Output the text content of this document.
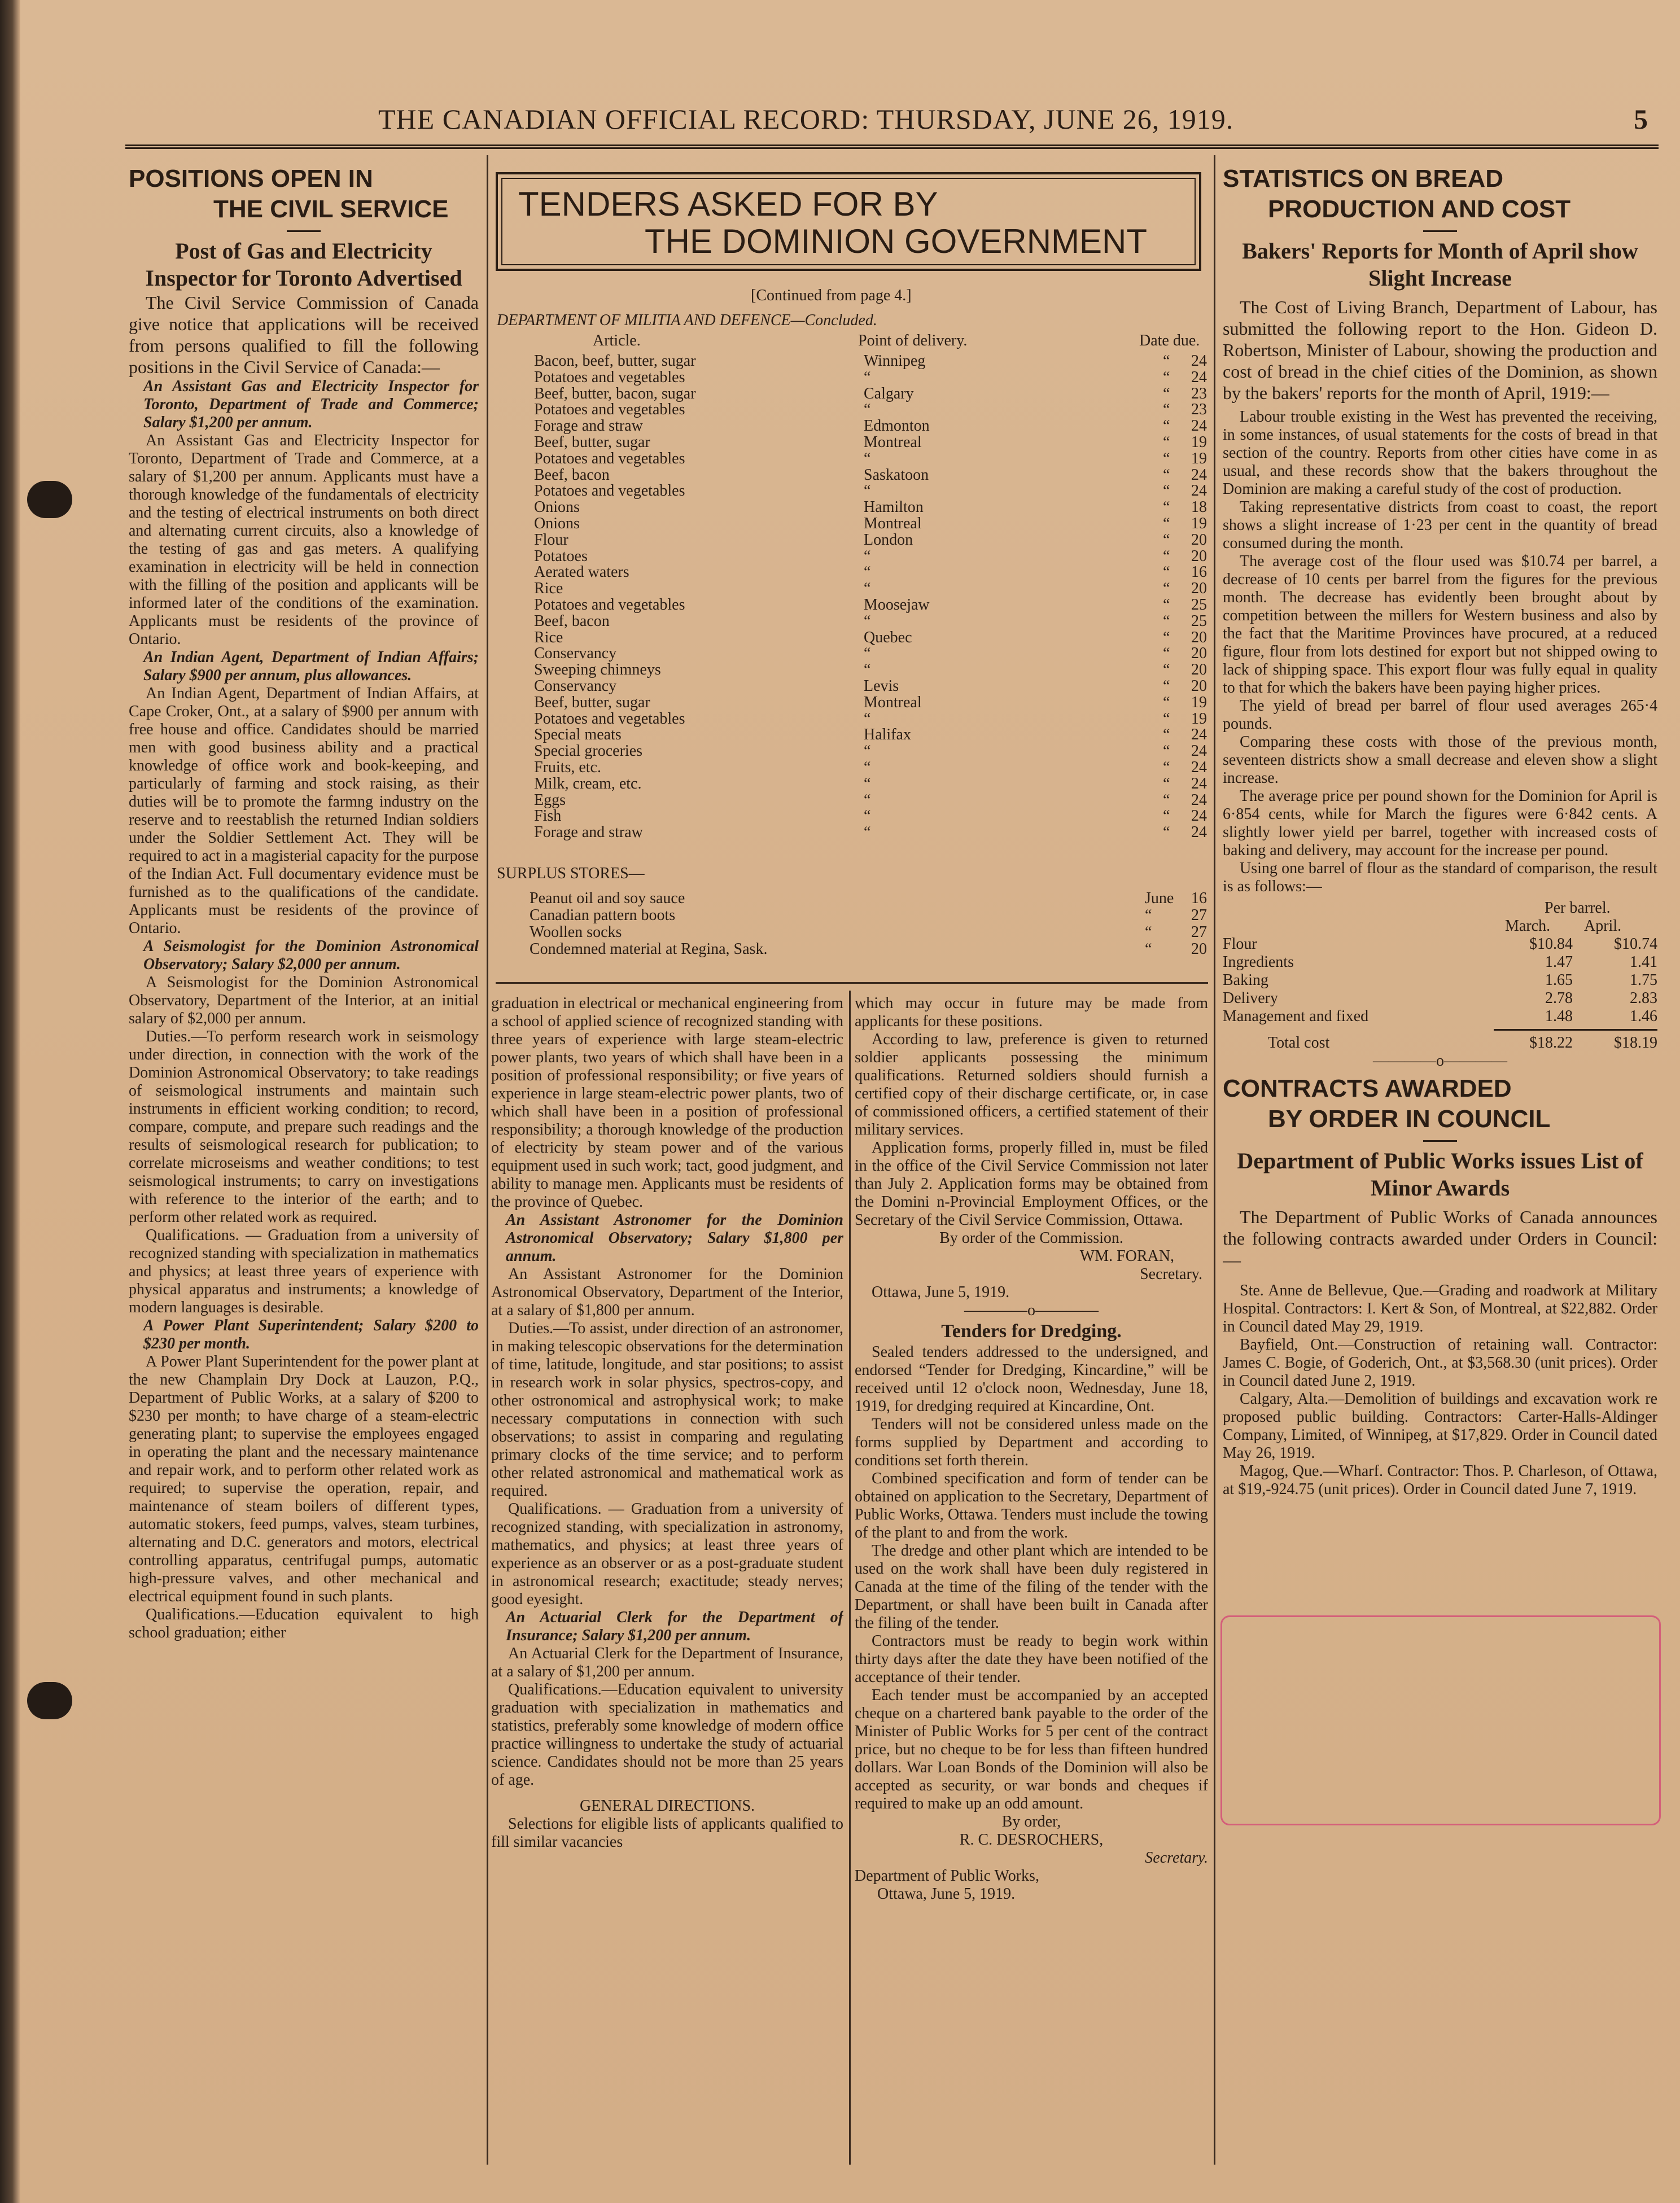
THE CANADIAN OFFICIAL RECORD: THURSDAY, JUNE 26, 1919.	5
POSITIONS OPEN IN
THE CIVIL SERVICE
Post of Gas and Electricity Inspector for Toronto Advertised

The Civil Service Commission of Canada give notice that applications will be received from persons qualified to fill the following positions in the Civil Service of Canada:—

An Assistant Gas and Electricity Inspector for Toronto, Department of Trade and Commerce; Salary $1,200 per annum.

An Assistant Gas and Electricity Inspector for Toronto, Department of Trade and Commerce, at a salary of $1,200 per annum. Applicants must have a thorough knowledge of the fundamentals of electricity and the testing of electrical instruments on both direct and alternating current circuits, also a knowledge of the testing of gas and gas meters. A qualifying examination in electricity will be held in connection with the filling of the position and applicants will be informed later of the conditions of the examination. Applicants must be residents of the province of Ontario.

An Indian Agent, Department of Indian Affairs; Salary $900 per annum, plus allowances.

An Indian Agent, Department of Indian Affairs, at Cape Croker, Ont., at a salary of $900 per annum with free house and office. Candidates should be married men with good business ability and a practical knowledge of office work and book-keeping, and particularly of farming and stock raising, as their duties will be to promote the farmng industry on the reserve and to reestablish the returned Indian soldiers under the Soldier Settlement Act. They will be required to act in a magisterial capacity for the purpose of the Indian Act. Full documentary evidence must be furnished as to the qualifications of the candidate. Applicants must be residents of the province of Ontario.

A Seismologist for the Dominion Astronomical Observatory; Salary $2,000 per annum.

A Seismologist for the Dominion Astronomical Observatory, Department of the Interior, at an initial salary of $2,000 per annum.

Duties.—To perform research work in seismology under direction, in connection with the work of the Dominion Astronomical Observatory; to take readings of seismological instruments and maintain such instruments in efficient working condition; to record, compare, compute, and prepare such readings and the results of seismological research for publication; to correlate microseisms and weather conditions; to test seismological instruments; to carry on investigations with reference to the interior of the earth; and to perform other related work as required.

Qualifications. — Graduation from a university of recognized standing with specialization in mathematics and physics; at least three years of experience with physical apparatus and instruments; a knowledge of modern languages is desirable.

A Power Plant Superintendent; Salary $200 to $230 per month.

A Power Plant Superintendent for the power plant at the new Champlain Dry Dock at Lauzon, P.Q., Department of Public Works, at a salary of $200 to $230 per month; to have charge of a steam-electric generating plant; to supervise the employees engaged in operating the plant and the necessary maintenance and repair work, and to perform other related work as required; to supervise the operation, repair, and maintenance of steam boilers of different types, automatic stokers, feed pumps, valves, steam turbines, alternating and D.C. generators and motors, electrical controlling apparatus, centrifugal pumps, automatic high-pressure valves, and other mechanical and electrical equipment found in such plants.

Qualifications.—Education equivalent to high school graduation; either

TENDERS ASKED FOR BY
THE DOMINION GOVERNMENT
[Continued from page 4.]
DEPARTMENT OF MILITIA AND DEFENCE—Concluded.
Article.	Point of delivery.	Date due.
Bacon, beef, butter, sugar	Winnipeg	“ 24
Potatoes and vegetables	“	“ 24
Beef, butter, bacon, sugar	Calgary	“ 23
Potatoes and vegetables	“	“ 23
Forage and straw	Edmonton	“ 24
Beef, butter, sugar	Montreal	“ 19
Potatoes and vegetables	“	“ 19
Beef, bacon	Saskatoon	“ 24
Potatoes and vegetables	“	“ 24
Onions	Hamilton	“ 18
Onions	Montreal	“ 19
Flour	London	“ 20
Potatoes	“	“ 20
Aerated waters	“	“ 16
Rice	“	“ 20
Potatoes and vegetables	Moosejaw	“ 25
Beef, bacon	“	“ 25
Rice	Quebec	“ 20
Conservancy	“	“ 20
Sweeping chimneys	“	“ 20
Conservancy	Levis	“ 20
Beef, butter, sugar	Montreal	“ 19
Potatoes and vegetables	“	“ 19
Special meats	Halifax	“ 24
Special groceries	“	“ 24
Fruits, etc.	“	“ 24
Milk, cream, etc.	“	“ 24
Eggs	“	“ 24
Fish	“	“ 24
Forage and straw	“	“ 24
SURPLUS STORES—
Peanut oil and soy sauce	June 16
Canadian pattern boots	“ 27
Woollen socks	“ 27
Condemned material at Regina, Sask.	“ 20

graduation in electrical or mechanical engineering from a school of applied science of recognized standing with three years of experience with large steam-electric power plants, two years of which shall have been in a position of professional responsibility; or five years of experience in large steam-electric power plants, two of which shall have been in a position of professional responsibility; a thorough knowledge of the production of electricity by steam power and of the various equipment used in such work; tact, good judgment, and ability to manage men. Applicants must be residents of the province of Quebec.

An Assistant Astronomer for the Dominion Astronomical Observatory; Salary $1,800 per annum.

An Assistant Astronomer for the Dominion Astronomical Observatory, Department of the Interior, at a salary of $1,800 per annum.

Duties.—To assist, under direction of an astronomer, in making telescopic observations for the determination of time, latitude, longitude, and star positions; to assist in research work in solar physics, spectros-copy, and other ostronomical and astrophysical work; to make necessary computations in connection with such observations; to assist in comparing and regulating primary clocks of the time service; and to perform other related astronomical and mathematical work as required.

Qualifications. — Graduation from a university of recognized standing, with specialization in astronomy, mathematics, and physics; at least three years of experience as an observer or as a post-graduate student in astronomical research; exactitude; steady nerves; good eyesight.

An Actuarial Clerk for the Department of Insurance; Salary $1,200 per annum.

An Actuarial Clerk for the Department of Insurance, at a salary of $1,200 per annum.

Qualifications.—Education equivalent to university graduation with specialization in mathematics and statistics, preferably some knowledge of modern office practice willingness to undertake the study of actuarial science. Candidates should not be more than 25 years of age.

GENERAL DIRECTIONS.

Selections for eligible lists of applicants qualified to fill similar vacancies

which may occur in future may be made from applicants for these positions.

According to law, preference is given to returned soldier applicants possessing the minimum qualifications. Returned soldiers should furnish a certified copy of their discharge certificate, or, in case of commissioned officers, a certified statement of their military services.

Application forms, properly filled in, must be filed in the office of the Civil Service Commission not later than July 2. Application forms may be obtained from the Domini n-Provincial Employment Offices, or the Secretary of the Civil Service Commission, Ottawa.

By order of the Commission.
WM. FORAN,
Secretary.
Ottawa, June 5, 1919.
————o————
Tenders for Dredging.

Sealed tenders addressed to the undersigned, and endorsed “Tender for Dredging, Kincardine,” will be received until 12 o'clock noon, Wednesday, June 18, 1919, for dredging required at Kincardine, Ont.

Tenders will not be considered unless made on the forms supplied by Department and according to conditions set forth therein.

Combined specification and form of tender can be obtained on application to the Secretary, Department of Public Works, Ottawa. Tenders must include the towing of the plant to and from the work.

The dredge and other plant which are intended to be used on the work shall have been duly registered in Canada at the time of the filing of the tender with the Department, or shall have been built in Canada after the filing of the tender.

Contractors must be ready to begin work within thirty days after the date they have been notified of the acceptance of their tender.

Each tender must be accompanied by an accepted cheque on a chartered bank payable to the order of the Minister of Public Works for 5 per cent of the contract price, but no cheque to be for less than fifteen hundred dollars. War Loan Bonds of the Dominion will also be accepted as security, or war bonds and cheques if required to make up an odd amount.

By order,
R. C. DESROCHERS,
Secretary.
Department of Public Works,
Ottawa, June 5, 1919.
STATISTICS ON BREAD
PRODUCTION AND COST
Bakers' Reports for Month of April show Slight Increase

The Cost of Living Branch, Department of Labour, has submitted the following report to the Hon. Gideon D. Robertson, Minister of Labour, showing the production and cost of bread in the chief cities of the Dominion, as shown by the bakers' reports for the month of April, 1919:—

Labour trouble existing in the West has prevented the receiving, in some instances, of usual statements for the costs of bread in that section of the country. Reports from other cities have come in as usual, and these records show that the bakers throughout the Dominion are making a careful study of the cost of production.

Taking representative districts from coast to coast, the report shows a slight increase of 1·23 per cent in the quantity of bread consumed during the month.

The average cost of the flour used was $10.74 per barrel, a decrease of 10 cents per barrel from the figures for the previous month. The decrease has evidently been brought about by competition between the millers for Western business and also by the fact that the Maritime Provinces have procured, at a reduced figure, flour from lots destined for export but not shipped owing to lack of shipping space. This export flour was fully equal in quality to that for which the bakers have been paying higher prices.

The yield of bread per barrel of flour used averages 265·4 pounds.

Comparing these costs with those of the previous month, seventeen districts show a small decrease and eleven show a slight increase.

The average price per pound shown for the Dominion for April is 6·854 cents, while for March the figures were 6·842 cents. A slightly lower yield per barrel, together with increased costs of baking and delivery, may account for the increase per pound.

Using one barrel of flour as the standard of comparison, the result is as follows:—

Per barrel.
March. April.
Flour	$10.84	$10.74
Ingredients	1.47	1.41
Baking	1.65	1.75
Delivery	2.78	2.83
Management and fixed	1.48	1.46
Total cost	$18.22	$18.19
————o————
CONTRACTS AWARDED
BY ORDER IN COUNCIL
Department of Public Works issues List of Minor Awards

The Department of Public Works of Canada announces the following contracts awarded under Orders in Council:—

Ste. Anne de Bellevue, Que.—Grading and roadwork at Military Hospital. Contractors: I. Kert & Son, of Montreal, at $22,882. Order in Council dated May 29, 1919.

Bayfield, Ont.—Construction of retaining wall. Contractor: James C. Bogie, of Goderich, Ont., at $3,568.30 (unit prices). Order in Council dated June 2, 1919.

Calgary, Alta.—Demolition of buildings and excavation work re proposed public building. Contractors: Carter-Halls-Aldinger Company, Limited, of Winnipeg, at $17,829. Order in Council dated May 26, 1919.

Magog, Que.—Wharf. Contractor: Thos. P. Charleson, of Ottawa, at $19,-924.75 (unit prices). Order in Council dated June 7, 1919.
